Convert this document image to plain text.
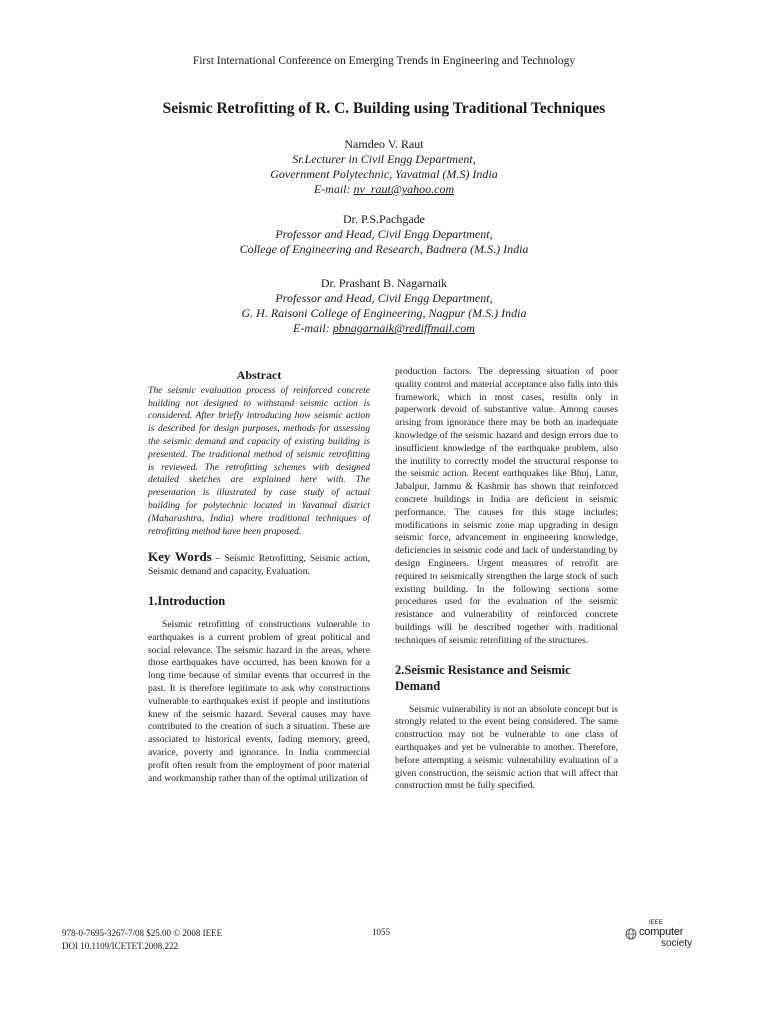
First International Conference on Emerging Trends in Engineering and Technology
Seismic Retrofitting of R. C. Building using Traditional Techniques
Namdeo V. Raut
Sr.Lecturer in Civil Engg Department,
Government Polytechnic, Yavatmal (M.S) India
E-mail: nv_raut@yahoo.com
Dr. P.S.Pachgade
Professor and Head, Civil Engg Department,
College of Engineering and Research, Badnera (M.S.) India
Dr. Prashant B. Nagarnaik
Professor and Head, Civil Engg Department,
G. H. Raisoni College of Engineering, Nagpur (M.S.) India
E-mail: pbnagarnaik@rediffmail.com
Abstract

The seismic evaluation process of reinforced concrete building not designed to withstand seismic action is considered. After briefly introducing how seismic action is described for design purposes, methods for assessing the seismic demand and capacity of existing building is presented. The traditional method of seismic retrofitting is reviewed. The retrofitting schemes with designed detailed sketches are explained here with. The presentation is illustrated by case study of actual building for polytechnic located in Yavatmal district (Maharashtra, India) where traditional techniques of retrofitting method have been proposed.

Key Words – Seismic Retrofitting, Seismic action, Seismic demand and capacity, Evaluation.

1.Introduction

Seismic retrofitting of constructions vulnerable to earthquakes is a current problem of great political and social relevance. The seismic hazard in the areas, where those earthquakes have occurred, has been known for a long time because of similar events that occurred in the past. It is therefore legitimate to ask why constructions vulnerable to earthquakes exist if people and institutions knew of the seismic hazard. Several causes may have contributed to the creation of such a situation. These are associated to historical events, fading memory, greed, avarice, poverty and ignorance. In India commercial profit often result from the employment of poor material and workmanship rather than of the optimal utilization of

production factors. The depressing situation of poor quality control and material acceptance also falls into this framework, which in most cases, results only in paperwork devoid of substantive value. Among causes arising from ignorance there may be both an inadequate knowledge of the seismic hazard and design errors due to insufficient knowledge of the earthquake problem, also the inutility to correctly model the structural response to the seismic action. Recent earthquakes like Bhuj, Latur, Jabalpur, Jammu & Kashmir has shown that reinforced concrete buildings in India are deficient in seismic performance. The causes for this stage includes; modifications in seismic zone map upgrading in design seismic force, advancement in engineering knowledge, deficiencies in seismic code and lack of understanding by design Engineers. Urgent measures of retrofit are required to seismically strengthen the large stock of such existing building. In the following sections some procedures used for the evaluation of the seismic resistance and vulnerability of reinforced concrete buildings will be described together with traditional techniques of seismic retrofitting of the structures.

2.Seismic Resistance and Seismic Demand

Seismic vulnerability is not an absolute concept but is strongly related to the event being considered. The same construction may not be vulnerable to one class of earthquakes and yet be vulnerable to another. Therefore, before attempting a seismic vulnerability evaluation of a given construction, the seismic action that will affect that construction must be fully specified.

978-0-7695-3267-7/08 $25.00 © 2008 IEEE
DOI 10.1109/ICETET.2008.222
1055
IEEE
computer
society
